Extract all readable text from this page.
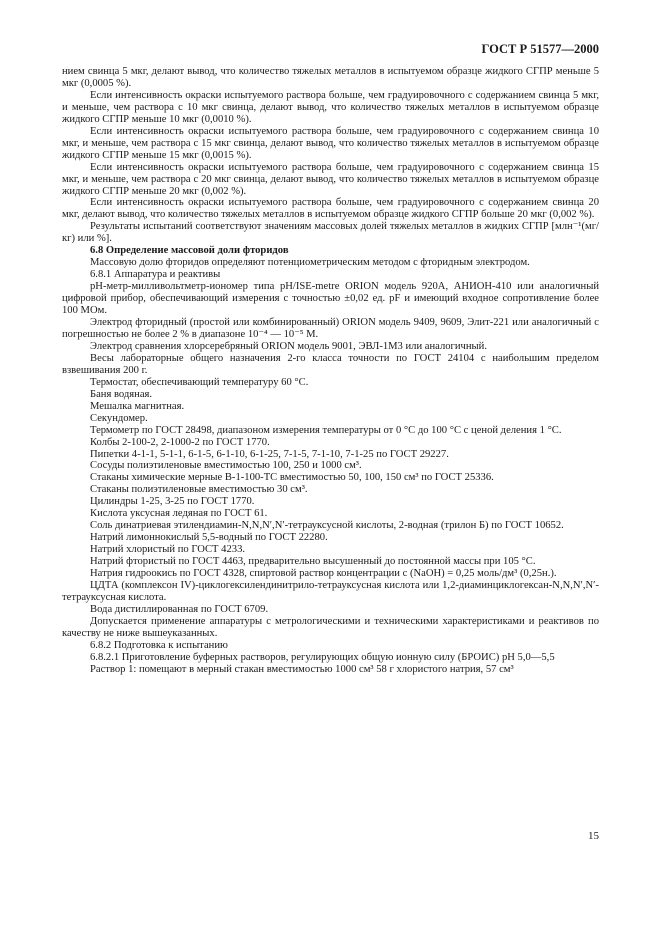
ГОСТ Р 51577—2000

нием свинца 5 мкг, делают вывод, что количество тяжелых металлов в испытуемом образце жидкого СГПР меньше 5 мкг (0,0005 %).

Если интенсивность окраски испытуемого раствора больше, чем градуировочного с содержанием свинца 5 мкг, и меньше, чем раствора с 10 мкг свинца, делают вывод, что количество тяжелых металлов в испытуемом образце жидкого СГПР меньше 10 мкг (0,0010 %).

Если интенсивность окраски испытуемого раствора больше, чем градуировочного с содержанием свинца 10 мкг, и меньше, чем раствора с 15 мкг свинца, делают вывод, что количество тяжелых металлов в испытуемом образце жидкого СГПР меньше 15 мкг (0,0015 %).

Если интенсивность окраски испытуемого раствора больше, чем градуировочного с содержанием свинца 15 мкг, и меньше, чем раствора с 20 мкг свинца, делают вывод, что количество тяжелых металлов в испытуемом образце жидкого СГПР меньше 20 мкг (0,002 %).

Если интенсивность окраски испытуемого раствора больше, чем градуировочного с содержанием свинца 20 мкг, делают вывод, что количество тяжелых металлов в испытуемом образце жидкого СГПР больше 20 мкг (0,002 %).

Результаты испытаний соответствуют значениям массовых долей тяжелых металлов в жидких СГПР [млн⁻¹(мг/кг) или %].

6.8 Определение массовой доли фторидов

Массовую долю фторидов определяют потенциометрическим методом с фторидным электродом.

6.8.1 Аппаратура и реактивы

pH-метр-милливольтметр-иономер типа pH/ISE-metre ORION модель 920A, АНИОН-410 или аналогичный цифровой прибор, обеспечивающий измерения с точностью ±0,02 ед. pF и имеющий входное сопротивление более 100 МОм.

Электрод фторидный (простой или комбинированный) ORION модель 9409, 9609, Элит-221 или аналогичный с погрешностью не более 2 % в диапазоне 10⁻⁴ — 10⁻⁵ М.

Электрод сравнения хлорсеребряный ORION модель 9001, ЭВЛ-1М3 или аналогичный.

Весы лабораторные общего назначения 2-го класса точности по ГОСТ 24104 с наибольшим пределом взвешивания 200 г.

Термостат, обеспечивающий температуру 60 °С.

Баня водяная.

Мешалка магнитная.

Секундомер.

Термометр по ГОСТ 28498, диапазоном измерения температуры от 0 °С до 100 °С с ценой деления 1 °С.

Колбы 2-100-2, 2-1000-2 по ГОСТ 1770.

Пипетки 4-1-1, 5-1-1, 6-1-5, 6-1-10, 6-1-25, 7-1-5, 7-1-10, 7-1-25 по ГОСТ 29227.

Сосуды полиэтиленовые вместимостью 100, 250 и 1000 см³.

Стаканы химические мерные В-1-100-ТС вместимостью 50, 100, 150 см³ по ГОСТ 25336.

Стаканы полиэтиленовые вместимостью 30 см³.

Цилиндры 1-25, 3-25 по ГОСТ 1770.

Кислота уксусная ледяная по ГОСТ 61.

Соль динатриевая этилендиамин-N,N,N′,N′-тетрауксусной кислоты, 2-водная (трилон Б) по ГОСТ 10652.

Натрий лимоннокислый 5,5-водный по ГОСТ 22280.

Натрий хлористый по ГОСТ 4233.

Натрий фтористый по ГОСТ 4463, предварительно высушенный до постоянной массы при 105 °С.

Натрия гидроокись по ГОСТ 4328, спиртовой раствор концентрации c (NaOH) = 0,25 моль/дм³ (0,25н.).

ЦДТА (комплексон IV)-циклогексилендинитрило-тетрауксусная кислота или 1,2-диаминциклогексан-N,N,N′,N′-тетрауксусная кислота.

Вода дистиллированная по ГОСТ 6709.

Допускается применение аппаратуры с метрологическими и техническими характеристиками и реактивов по качеству не ниже вышеуказанных.

6.8.2 Подготовка к испытанию

6.8.2.1 Приготовление буферных растворов, регулирующих общую ионную силу (БРОИС) pH 5,0—5,5

Раствор 1: помещают в мерный стакан вместимостью 1000 см³ 58 г хлористого натрия, 57 см³

15
